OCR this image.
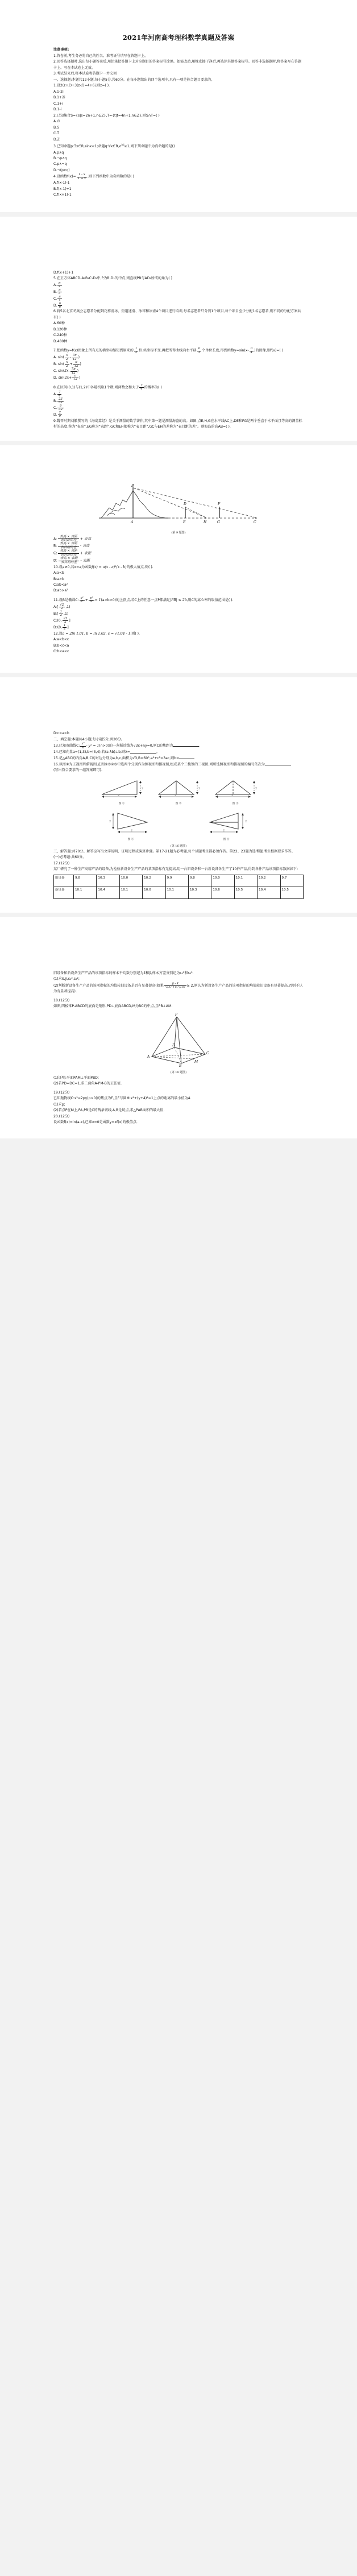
2021年河南高考理科数学真题及答案
注意事项:

1.答卷前,考生务必将自己的姓名、准考证号填写在答题卡上。

2.回答选择题时,选出每小题答案后,用铅笔把答题卡上对应题目的答案标号涂黑。如需改动,用橡皮擦干净后,再选涂其他答案标号。回答非选择题时,将答案写在答题卡上。写在本试卷上无效。

3.考试结束后,将本试卷和答题卡一并交回

一、选择题:本题共12小题,每小题5分,共60分。在每小题给出的四个选项中,只有一项是符合题目要求的。

1.设2(z+z̄)+3(z-z̄)=4+6i,则z=( ).

A.1-2i

B.1+2i

C.1+i

D.1-i

2.已知集合S={s|s=2n+1,n∈Z},T={t|t=4n+1,n∈Z},则S∩T=( )

A.∅

B.S

C.T

D.Z

3.已知命题p:∃x∈R,sinx<1;命题$q:\forall x\in R,e^{|x|}\ge 1$,则下列命题中为真命题的是()

A.p∧q

B.¬p∧q

C.p∧¬q

D.¬(p∨q)

4.设函数$f(x)= \frac{1 - x}{1 + x}$ ,则下列函数中为奇函数的是( )

A.f(x-1)-1

B.f(x-1)+1

C.f(x+1)-1

D.f(x+1)+1

5.在正方体ABCD-A₁B₁C₁D₁中,P为B₁D₁的中点,则直线PB与AD₁所成的角为( )

A. $\frac{\pi}{2}$

B. $\frac{\pi}{3}$

C. $\frac{\pi}{4}$

D. $\frac{\pi}{6}$

6.将5名北京冬奥会志愿者分配到花样滑冰、短道速滑、冰球和冰壶4个项目进行培训,每名志愿者只分到1个项目,每个项目至少分配1名志愿者,则不同的分配方案共有( )

A.60种

B.120种

C.240种

D.480种

7.把函数y=f(x)图象上所有点的横坐标缩短到原来的 $\frac{1}{2}$ 倍,纵坐标不变,再把所得曲线向右平移 $\frac{\pi}{3}$ 个单位长度,得到函数$y=\sin(x- \frac{\pi}{4}$ )的图像,则f(x)=( )

A. $\sin( \frac{x}{2} - \frac{7\pi}{12}$ )

B. $\sin( \frac{x}{2} + \frac{\pi}{12}$ )

C. $\sin(2x- \frac{7\pi}{12}$ )

D. $\sin(2x+ \frac{\pi}{12}$ )

8.在区间(0,1)与(1,2)中各随机取1个数,则两数之和大于 $\frac{7}{4}$ 的概率为( )

A. $\frac{7}{4}$

B. $\frac{23}{32}$

C. $\frac{9}{32}$

D. $\frac{2}{9}$

9.魏晋时期刘徽撰写的《海岛算经》是关于测量的数学著作,其中第一题是测量海盗的高。如图,点E,H,G在水平线AC上,DE和FG是两个垂直于水平面且等高的测量标杆的高度,称为“表高”,EG称为“表距”,GC和EH都称为“表目距”,GC与EH的差称为“表目距的差”。则海岛的高AB=( ).

B
A
D
E	H
F
G	C
(第 9 题图)

A:
表高 × 表距
表目距的差	+ 表高

B:
表高 × 表距
表目距的差	- 表高

C:
表高 × 表距
表目距的差	+ 表距

D:
表高 × 表距
表目距的差	- 表距

10.设a≠0,若x=a为函数f(x) = a(x - a)²(x - b)的极大值点,则( ).

A:a<b

B:a>b

C:ab<a²

D:ab>a²

11.设B是椭圆C: $\frac{\text{x²}}{\text{a²}} + \frac{\text{y²}}{\text{b²}} = 1(a>b>0)$的上顶点,若C上的任意一点P都满足|PB| ≤ 2b,则C的离心率的取值范围是( ).

A:[ $\frac{√2}{2} ,1$)

B:[ $\frac{1}{2} ,1$)

C:(0, $\frac{√2}{2}$ ]

D:(0, $\frac{1}{2}$ ]

12.设a = 2ln 1.01, b = ln 1.02, c = √1.04 - 1,则( ).

A:a<b<c

B:b<c<a

C:b<a<c

D:c<a<b

二、填空题:本题共4小题,每小题5分,共20分。

13.已知双曲线C: $\frac{\text{x²}}{n} - y^2 = 1(n>0)$的一条渐近线为√3x+ny=0,则C的焦距为	.

14.已知向量a=(1,3),b=(3,4),若(a-λb)⊥b,则λ=	。

15.记△ABC的内角A,B,C的对边分别为a,b,c,面积为√3,B=60°,a²+c²=3ac,则b=	.

16.以图①为正视图和俯视图,在图②③④⑤中选两个分别作为侧视图和俯视图,组成某个三棱锥的三视图,则所选侧视图和俯视图的编号依次为
(写出符合要求的一组答案即可).

2
2
图 ①
2
2
图 ②
2
2
图 ③
2
2
图 ④
2
2
图 ⑤
(第 16 题图)

三、解答题:共70分。解答应写出文字说明、证明过程或演算步骤。第17-21题为必考题,每个试题考生都必须作答。第22、23题为选考题,考生根据要求作答。

(一)必考题:共60分。

17.(12分)

某厂研究了一种生产高精产品的设备,为检验新设备生产产品的某项指标有无提高,用一台旧设备和一台新设备各生产了10件产品,得到各件产品该项指标数据如下:

旧设备	9.8	10.3	10.0	10.2	9.9	9.8	10.0	10.1	10.2	9.7
新设备	10.1	10.4	10.1	10.0	10.1	10.3	10.6	10.5	10.4	10.5

旧设备和新设备生产产品的该项指标的样本平均数分别记为x̄和ȳ,样本方差分别记为s₁²和s₂².

(1)求x̄,ȳ,s₁²,s₂²;

(2)判断新设备生产产品的该项指标的均值较旧设备是否有显著提高(如果 $\frac{ȳ - x̄}{\text{√(s₁²+s₂²)/10}} \ge 2$,则认为新设备生产产品的该项指标的均值较旧设备有显著提高,否则不认为有显著提高).

18.(12分)

如图,四棱锥P-ABCD的底面是矩形,PD⊥底面ABCD,M为BC的中点,且PB⊥AM.

P
A
B
C
D
M
(第 18 题图)

(1)证明:平面PAM⊥平面PBD;

(2)若PD=DC=1,求二面角A-PM-B的正弦值.

19.(12分)

已知抛物线C:x²=2py(p>0)的焦点为F,且F与圆M:x²+(y+4)²=1上点的距离的最小值为4.

(1)求p;

(2)若点P在M上,PA,PB是C的两条切线,A,B是切点,求△PAB面积的最大值.

20.(12分)

设函数f(x)=ln(a-x),已知x=0是函数y=xf(x)的极值点.
